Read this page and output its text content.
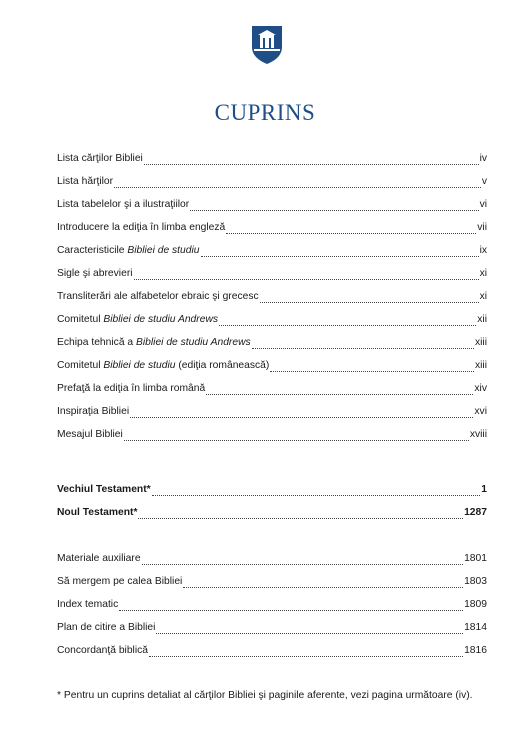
CUPRINS
Lista cărţilor Bibliei	iv
Lista hărţilor	v
Lista tabelelor şi a ilustraţiilor	vi
Introducere la ediţia în limba engleză	vii
Caracteristicile Bibliei de studiu	ix
Sigle şi abrevieri	xi
Transliterări ale alfabetelor ebraic şi grecesc	xi
Comitetul Bibliei de studiu Andrews	xii
Echipa tehnică a Bibliei de studiu Andrews	xiii
Comitetul Bibliei de studiu (ediţia românească)	xiii
Prefaţă la ediţia în limba română	xiv
Inspiraţia Bibliei	xvi
Mesajul Bibliei	xviii
Vechiul Testament*	1
Noul Testament*	1287
Materiale auxiliare	1801
Să mergem pe calea Bibliei	1803
Index tematic	1809
Plan de citire a Bibliei	1814
Concordanţă biblică	1816
* Pentru un cuprins detaliat al cărţilor Bibliei şi paginile aferente, vezi pagina următoare (iv).
